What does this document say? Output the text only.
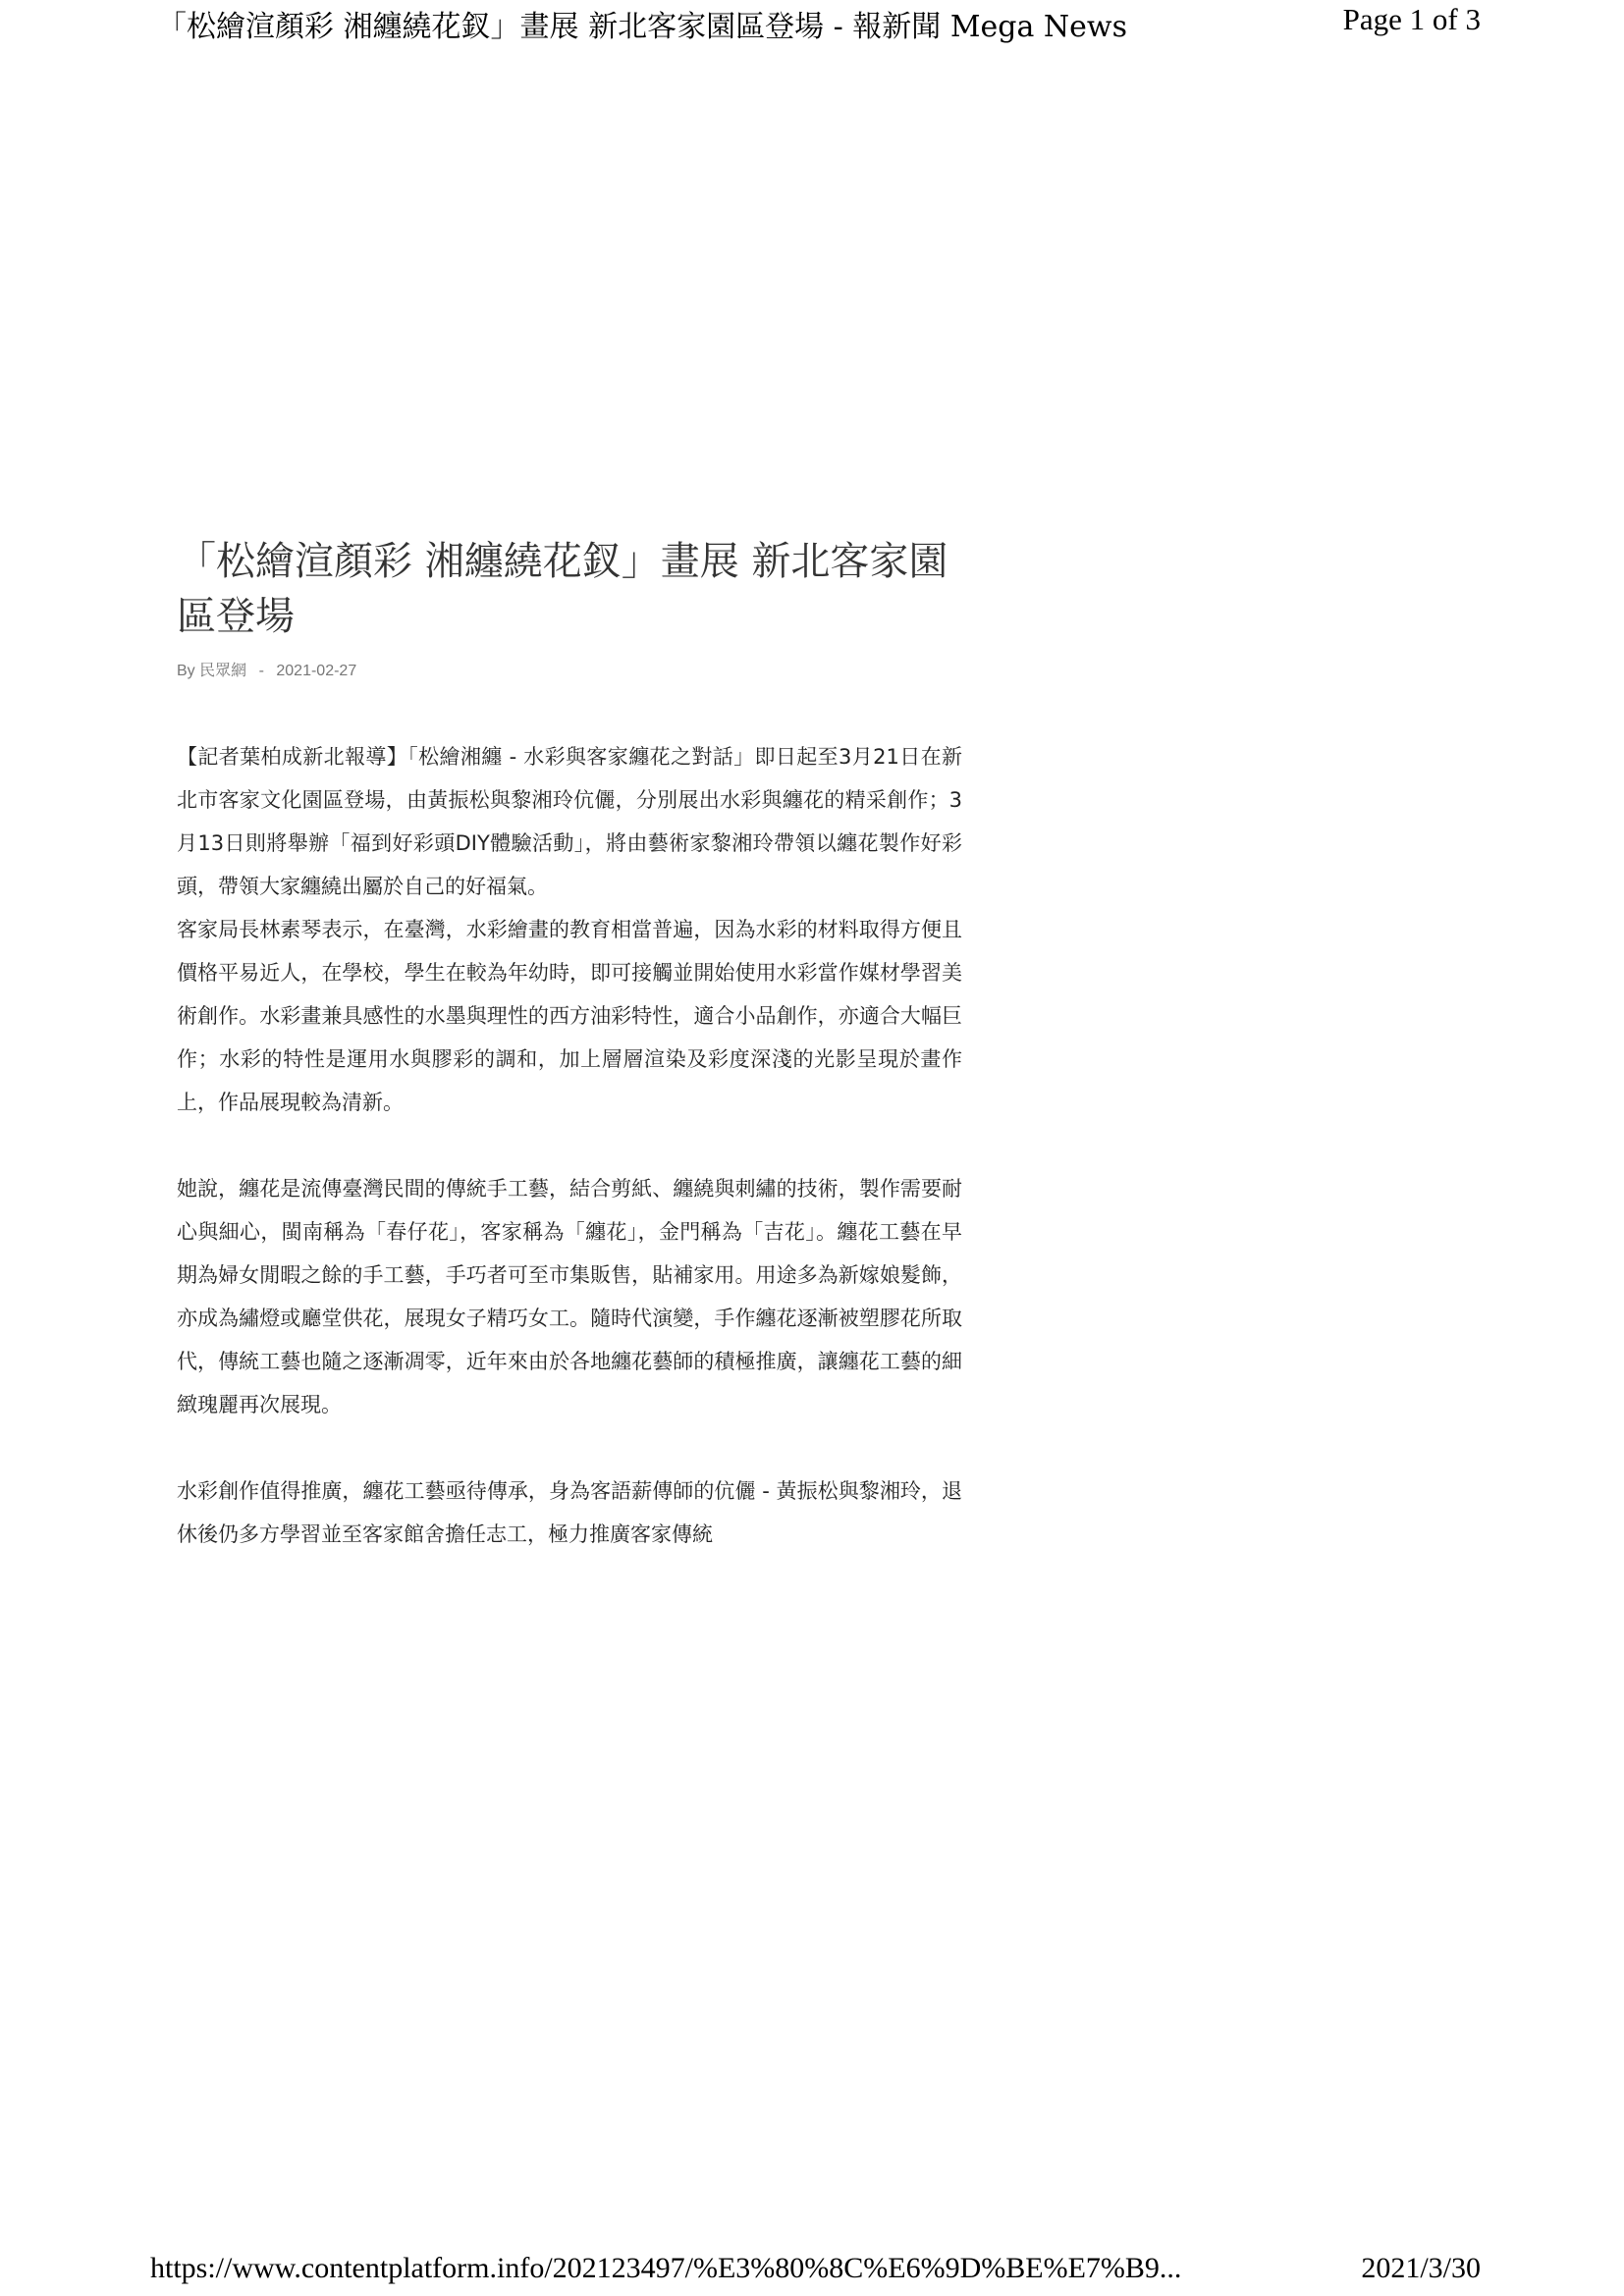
「松繪渲顏彩 湘纏繞花釵」畫展 新北客家園區登場 - 報新聞 Mega News	Page 1 of 3
「松繪渲顏彩 湘纏繞花釵」畫展 新北客家園區登場
By 民眾網 - 2021-02-27

【記者葉柏成新北報導】「松繪湘纏 - 水彩與客家纏花之對話」即日起至3月21日在新北市客家文化園區登場，由黃振松與黎湘玲伉儷，分別展出水彩與纏花的精采創作；3月13日則將舉辦「福到好彩頭DIY體驗活動」，將由藝術家黎湘玲帶領以纏花製作好彩頭，帶領大家纏繞出屬於自己的好福氣。

客家局長林素琴表示，在臺灣，水彩繪畫的教育相當普遍，因為水彩的材料取得方便且價格平易近人，在學校，學生在較為年幼時，即可接觸並開始使用水彩當作媒材學習美術創作。水彩畫兼具感性的水墨與理性的西方油彩特性，適合小品創作，亦適合大幅巨作；水彩的特性是運用水與膠彩的調和，加上層層渲染及彩度深淺的光影呈現於畫作上，作品展現較為清新。

她說，纏花是流傳臺灣民間的傳統手工藝，結合剪紙、纏繞與刺繡的技術，製作需要耐心與細心，閩南稱為「春仔花」，客家稱為「纏花」，金門稱為「吉花」。纏花工藝在早期為婦女閒暇之餘的手工藝，手巧者可至市集販售，貼補家用。用途多為新嫁娘髮飾，亦成為繡燈或廳堂供花，展現女子精巧女工。隨時代演變，手作纏花逐漸被塑膠花所取代，傳統工藝也隨之逐漸凋零，近年來由於各地纏花藝師的積極推廣，讓纏花工藝的細緻瑰麗再次展現。

水彩創作值得推廣，纏花工藝亟待傳承，身為客語薪傳師的伉儷 - 黃振松與黎湘玲，退休後仍多方學習並至客家館舍擔任志工，極力推廣客家傳統

https://www.contentplatform.info/202123497/%E3%80%8C%E6%9D%BE%E7%B9...	2021/3/30
